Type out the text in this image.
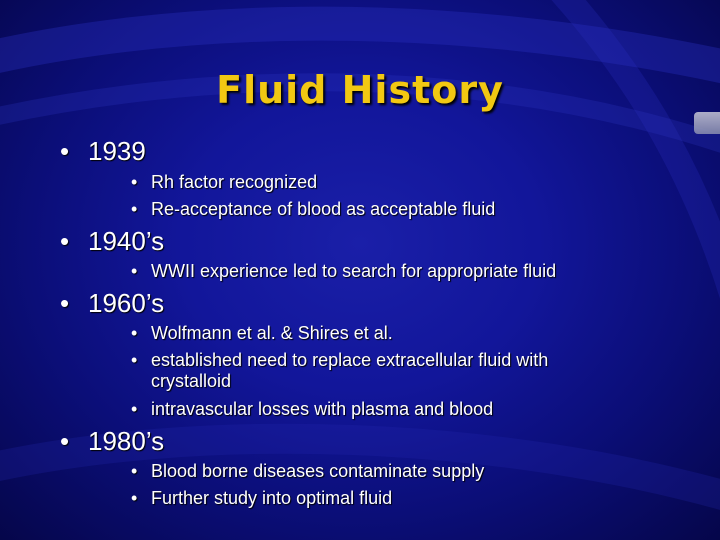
Fluid History
• 1939
• Rh factor recognized
• Re-acceptance of blood as acceptable fluid
• 1940’s
• WWII experience led to search for appropriate fluid
• 1960’s
• Wolfmann et al. & Shires et al.
• established need to replace extracellular fluid with crystalloid
• intravascular losses with plasma and blood
• 1980’s
• Blood borne diseases contaminate supply
• Further study into optimal fluid
